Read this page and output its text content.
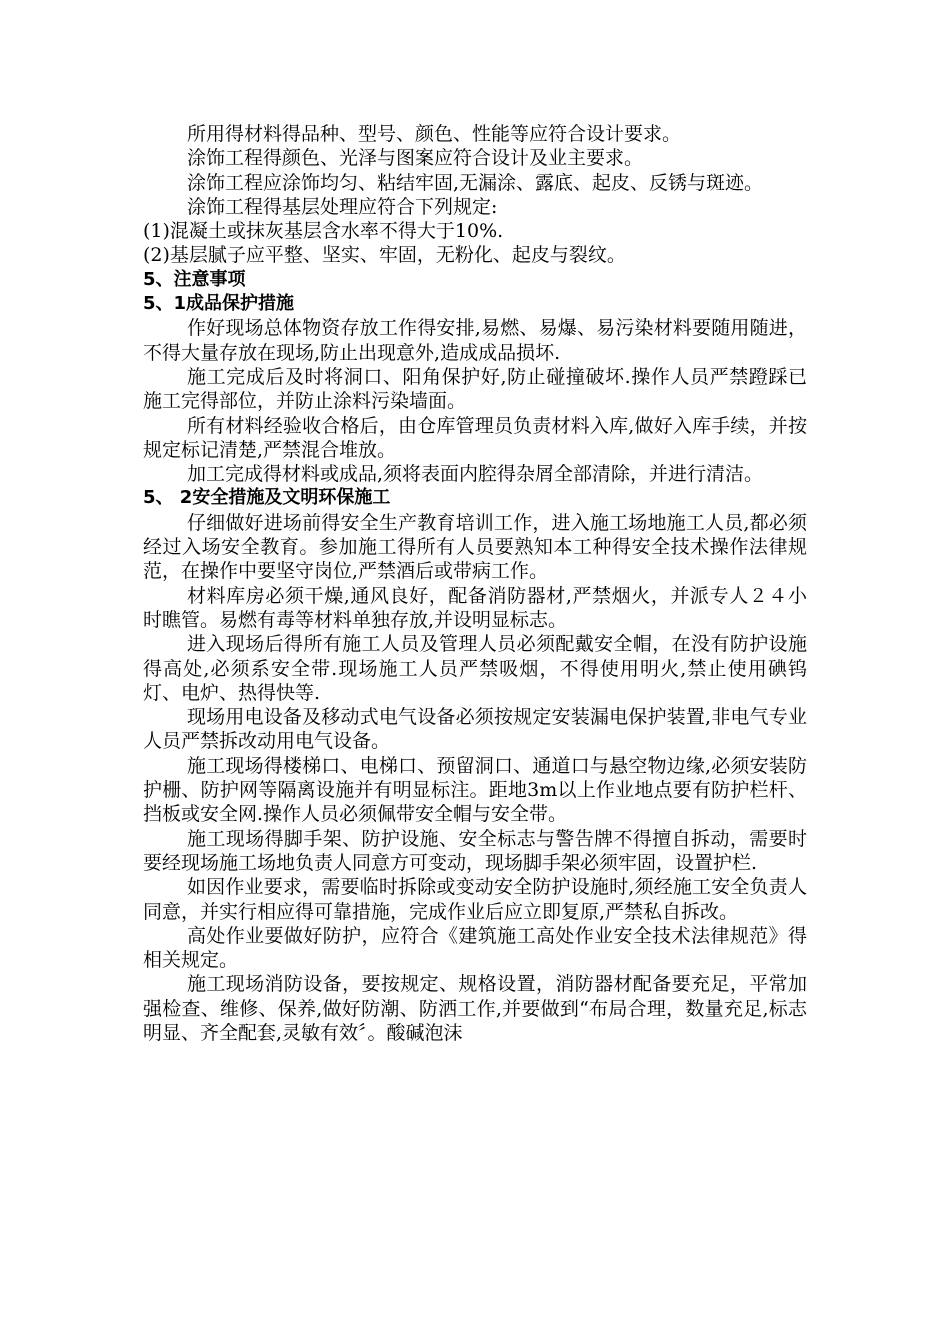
所用得材料得品种、型号、颜色、性能等应符合设计要求。

涂饰工程得颜色、光泽与图案应符合设计及业主要求。

涂饰工程应涂饰均匀、粘结牢固,无漏涂、露底、起皮、反锈与斑迹。

涂饰工程得基层处理应符合下列规定:

(1)混凝土或抹灰基层含水率不得大于10%.

(2)基层腻子应平整、坚实、牢固，无粉化、起皮与裂纹。

5、注意事项

5、1成品保护措施

作好现场总体物资存放工作得安排,易燃、易爆、易污染材料要随用随进，不得大量存放在现场,防止出现意外,造成成品损坏.

施工完成后及时将洞口、阳角保护好,防止碰撞破坏.操作人员严禁蹬踩已施工完得部位，并防止涂料污染墙面。

所有材料经验收合格后，由仓库管理员负责材料入库,做好入库手续，并按规定标记清楚,严禁混合堆放。

加工完成得材料或成品,须将表面内腔得杂屑全部清除，并进行清洁。

5、 2安全措施及文明环保施工

仔细做好进场前得安全生产教育培训工作，进入施工场地施工人员,都必须经过入场安全教育。参加施工得所有人员要熟知本工种得安全技术操作法律规范，在操作中要坚守岗位,严禁酒后或带病工作。

材料库房必须干燥,通风良好，配备消防器材,严禁烟火，并派专人２４小时瞧管。易燃有毒等材料单独存放,并设明显标志。

进入现场后得所有施工人员及管理人员必须配戴安全帽，在没有防护设施得高处,必须系安全带.现场施工人员严禁吸烟，不得使用明火,禁止使用碘钨灯、电炉、热得快等.

现场用电设备及移动式电气设备必须按规定安装漏电保护装置,非电气专业人员严禁拆改动用电气设备。

施工现场得楼梯口、电梯口、预留洞口、通道口与悬空物边缘,必须安装防护栅、防护网等隔离设施并有明显标注。距地3m以上作业地点要有防护栏杆、挡板或安全网.操作人员必须佩带安全帽与安全带。

施工现场得脚手架、防护设施、安全标志与警告牌不得擅自拆动，需要时要经现场施工场地负责人同意方可变动，现场脚手架必须牢固，设置护栏.

如因作业要求，需要临时拆除或变动安全防护设施时,须经施工安全负责人同意，并实行相应得可靠措施，完成作业后应立即复原,严禁私自拆改。

高处作业要做好防护，应符合《建筑施工高处作业安全技术法律规范》得相关规定。

施工现场消防设备，要按规定、规格设置，消防器材配备要充足，平常加强检查、维修、保养,做好防潮、防洒工作,并要做到“布局合理，数量充足,标志明显、齐全配套,灵敏有效〞。酸碱泡沫
